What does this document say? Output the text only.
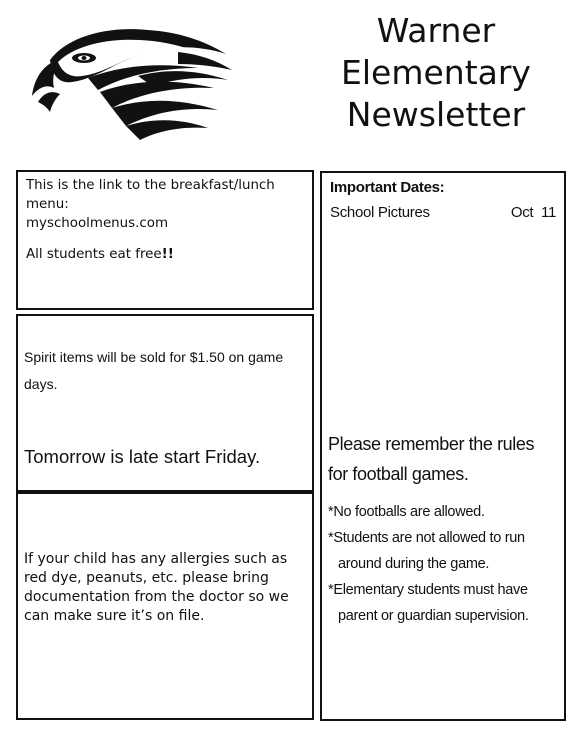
Warner
Elementary
Newsletter
This is the link to the breakfast/lunch menu:
myschoolmenus.com
All students eat free!!
Spirit items will be sold for $1.50 on game days.
Tomorrow is late start Friday.
If your child has any allergies such as red dye, peanuts, etc. please bring documentation from the doctor so we can make sure it’s on file.
Important Dates:
School Pictures	Oct  11
Please remember the rules for football games.
*No footballs are allowed.
*Students are not allowed to run around during the game.
*Elementary students must have parent or guardian supervision.
